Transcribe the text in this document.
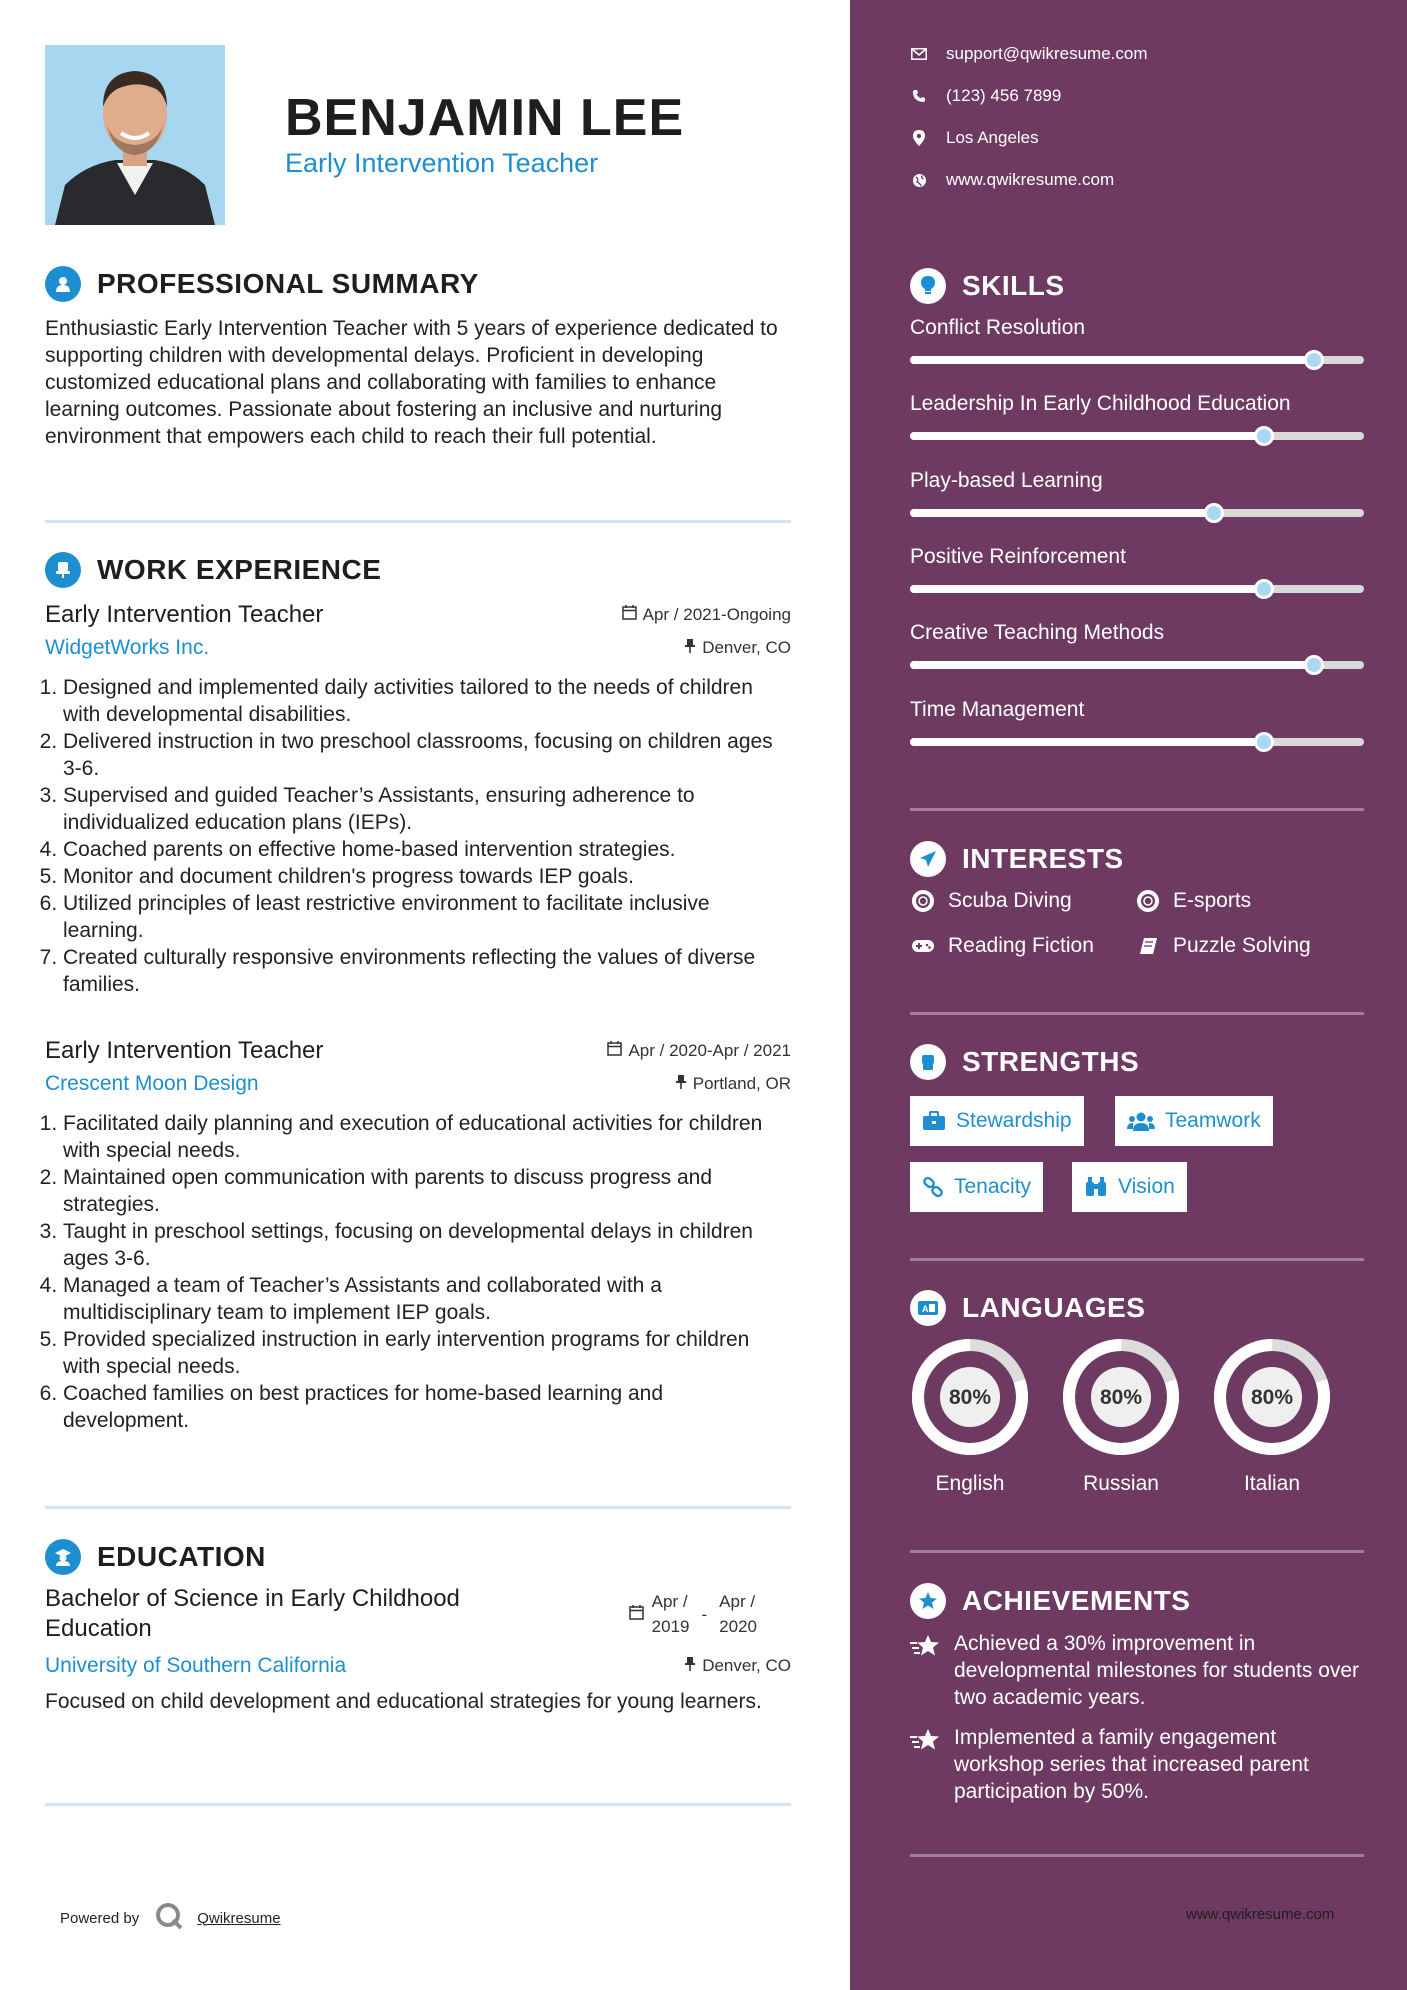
BENJAMIN LEE
Early Intervention Teacher
PROFESSIONAL SUMMARY
Enthusiastic Early Intervention Teacher with 5 years of experience dedicated to supporting children with developmental delays. Proficient in developing customized educational plans and collaborating with families to enhance learning outcomes. Passionate about fostering an inclusive and nurturing environment that empowers each child to reach their full potential.
WORK EXPERIENCE
Early Intervention Teacher	Apr / 2021-Ongoing
WidgetWorks Inc.	Denver, CO
1. Designed and implemented daily activities tailored to the needs of children with developmental disabilities.
2. Delivered instruction in two preschool classrooms, focusing on children ages 3-6.
3. Supervised and guided Teacher’s Assistants, ensuring adherence to individualized education plans (IEPs).
4. Coached parents on effective home-based intervention strategies.
5. Monitor and document children's progress towards IEP goals.
6. Utilized principles of least restrictive environment to facilitate inclusive learning.
7. Created culturally responsive environments reflecting the values of diverse families.
Early Intervention Teacher	Apr / 2020-Apr / 2021
Crescent Moon Design	Portland, OR
1. Facilitated daily planning and execution of educational activities for children with special needs.
2. Maintained open communication with parents to discuss progress and strategies.
3. Taught in preschool settings, focusing on developmental delays in children ages 3-6.
4. Managed a team of Teacher’s Assistants and collaborated with a multidisciplinary team to implement IEP goals.
5. Provided specialized instruction in early intervention programs for children with special needs.
6. Coached families on best practices for home-based learning and development.
EDUCATION
Bachelor of Science in Early Childhood
Education
Apr /
2019
-
Apr /
2020
University of Southern California	Denver, CO
Focused on child development and educational strategies for young learners.
Powered by	Qwikresume
support@qwikresume.com
(123) 456 7899
Los Angeles
www.qwikresume.com
SKILLS
Conflict Resolution
Leadership In Early Childhood Education
Play-based Learning
Positive Reinforcement
Creative Teaching Methods
Time Management
INTERESTS
Scuba Diving	E-sports
Reading Fiction	Puzzle Solving
STRENGTHS
Stewardship	Teamwork
Tenacity	Vision
A LANGUAGES
80%
English
80%
Russian
80%
Italian
ACHIEVEMENTS
Achieved a 30% improvement in developmental milestones for students over two academic years.
Implemented a family engagement workshop series that increased parent participation by 50%.
www.qwikresume.com
